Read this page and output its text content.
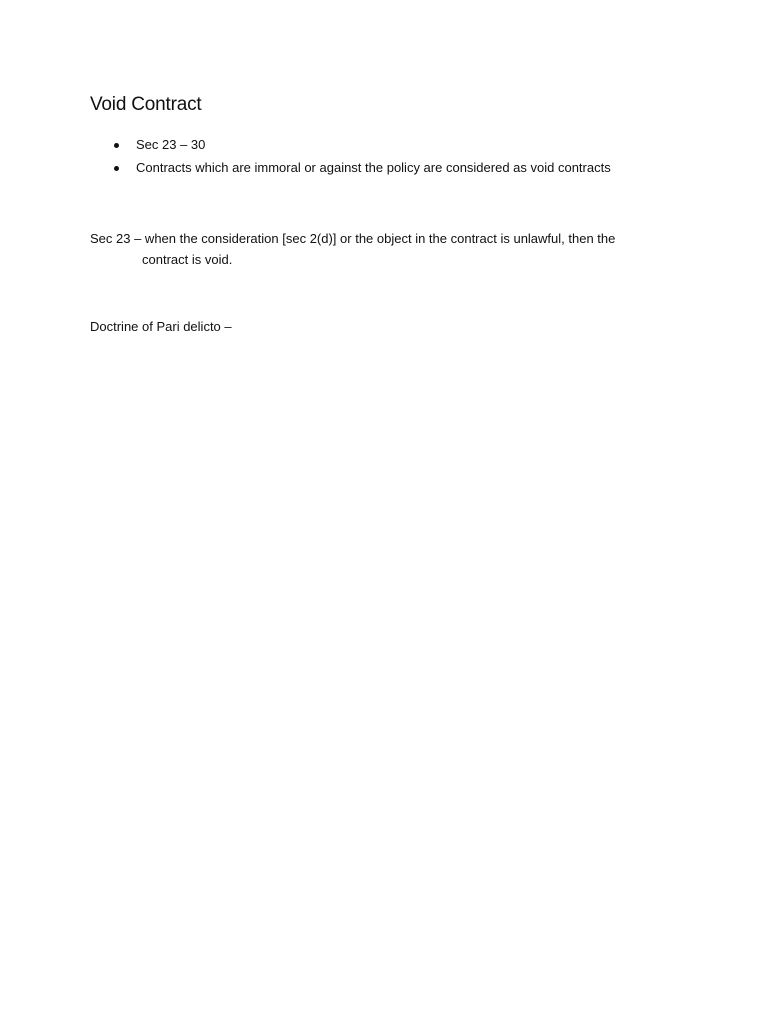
Void Contract
Sec 23 – 30
Contracts which are immoral or against the policy are considered as void contracts

Sec 23 – when the consideration [sec 2(d)] or the object in the contract is unlawful, then the
contract is void.

Doctrine of Pari delicto –
